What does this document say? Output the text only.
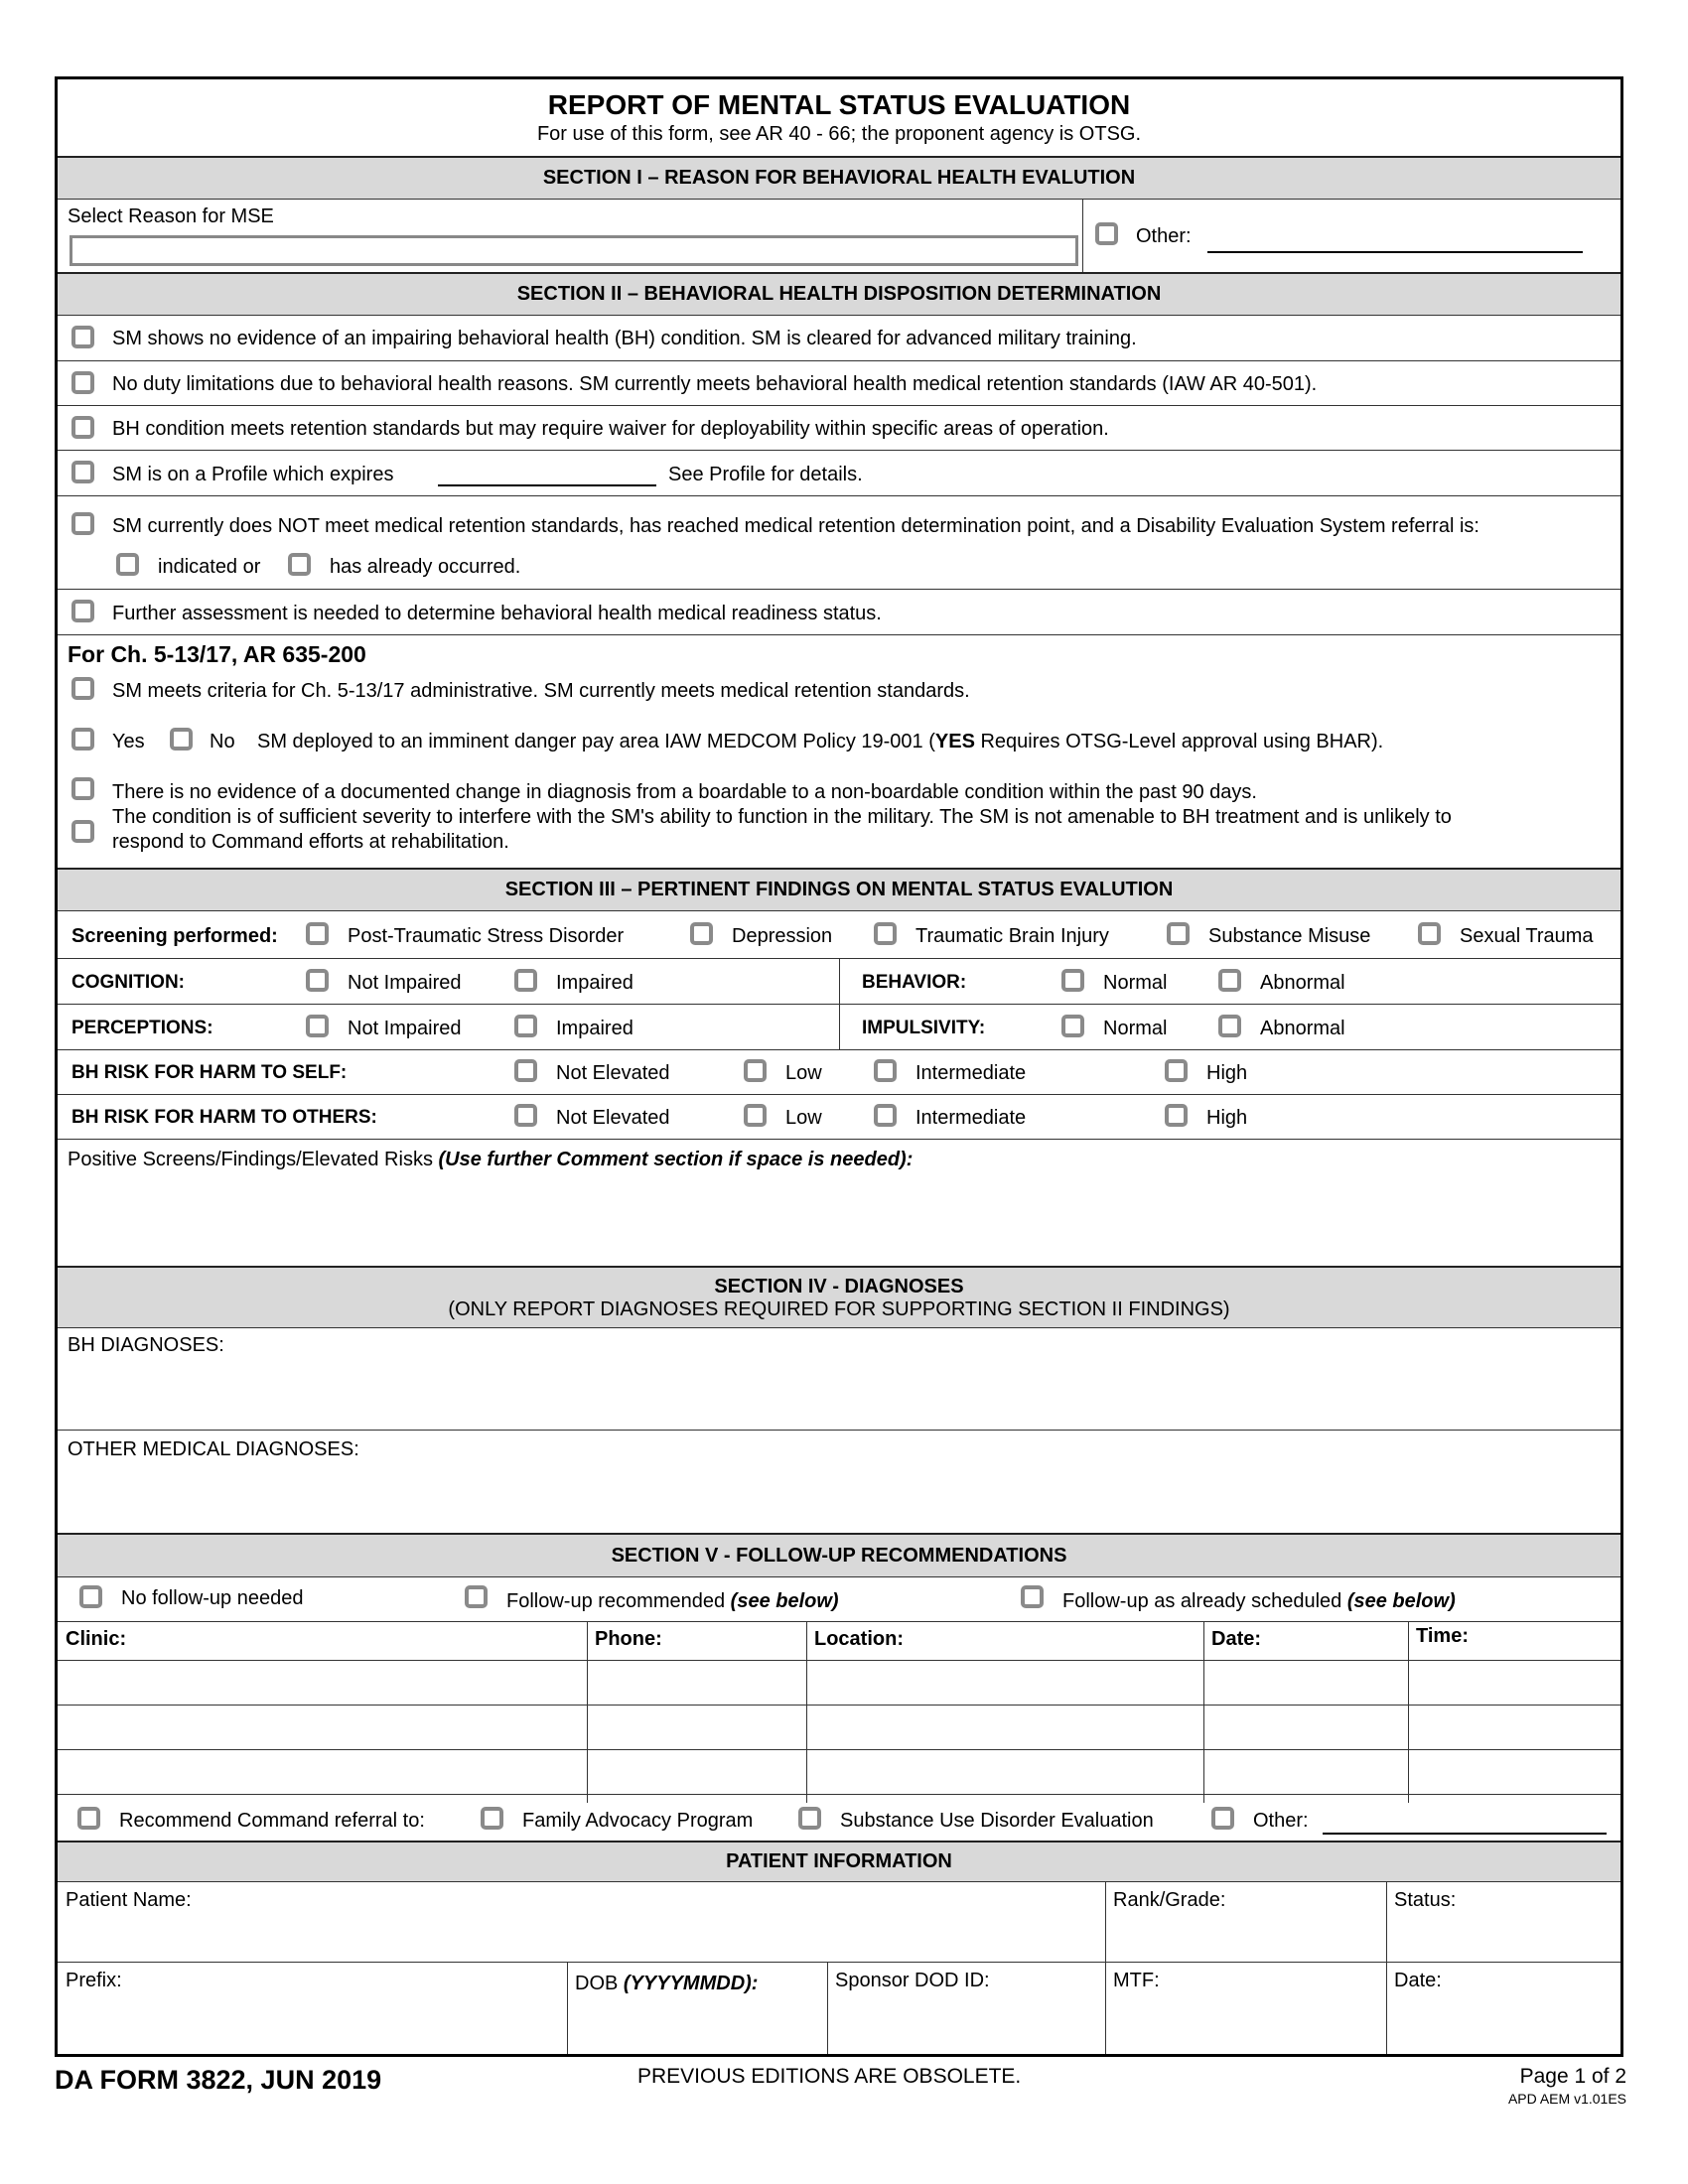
REPORT OF MENTAL STATUS EVALUATION
For use of this form, see AR 40 - 66; the proponent agency is OTSG.
SECTION I – REASON FOR BEHAVIORAL HEALTH EVALUTION
Select Reason for MSE
Other:
SECTION II – BEHAVIORAL HEALTH DISPOSITION DETERMINATION
SM shows no evidence of an impairing behavioral health (BH) condition. SM is cleared for advanced military training.
No duty limitations due to behavioral health reasons. SM currently meets behavioral health medical retention standards (IAW AR 40-501).
BH condition meets retention standards but may require waiver for deployability within specific areas of operation.
SM is on a Profile which expires	See Profile for details.
SM currently does NOT meet medical retention standards, has reached medical retention determination point, and a Disability Evaluation System referral is:
indicated or	has already occurred.
Further assessment is needed to determine behavioral health medical readiness status.
For Ch. 5-13/17, AR 635-200
SM meets criteria for Ch. 5-13/17 administrative. SM currently meets medical retention standards.
Yes	No SM deployed to an imminent danger pay area IAW MEDCOM Policy 19-001 (YES Requires OTSG-Level approval using BHAR).
There is no evidence of a documented change in diagnosis from a boardable to a non-boardable condition within the past 90 days.
The condition is of sufficient severity to interfere with the SM's ability to function in the military. The SM is not amenable to BH treatment and is unlikely to
respond to Command efforts at rehabilitation.
SECTION III – PERTINENT FINDINGS ON MENTAL STATUS EVALUTION
Screening performed:	Post-Traumatic Stress Disorder	Depression	Traumatic Brain Injury	Substance Misuse	Sexual Trauma
COGNITION:	Not Impaired	Impaired	BEHAVIOR:	Normal	Abnormal
PERCEPTIONS:	Not Impaired	Impaired	IMPULSIVITY:	Normal	Abnormal
BH RISK FOR HARM TO SELF:	Not Elevated	Low	Intermediate	High
BH RISK FOR HARM TO OTHERS:	Not Elevated	Low	Intermediate	High
Positive Screens/Findings/Elevated Risks (Use further Comment section if space is needed):
SECTION IV - DIAGNOSES
(ONLY REPORT DIAGNOSES REQUIRED FOR SUPPORTING SECTION II FINDINGS)
BH DIAGNOSES:
OTHER MEDICAL DIAGNOSES:
SECTION V - FOLLOW-UP RECOMMENDATIONS
No follow-up needed	Follow-up recommended (see below)	Follow-up as already scheduled (see below)
Clinic:	Phone:	Location:	Date:	Time:
Recommend Command referral to:	Family Advocacy Program	Substance Use Disorder Evaluation	Other:
PATIENT INFORMATION
Patient Name:	Rank/Grade:	Status:
Prefix:	DOB (YYYYMMDD):	Sponsor DOD ID:	MTF:	Date:
DA FORM 3822, JUN 2019	PREVIOUS EDITIONS ARE OBSOLETE.	Page 1 of 2
APD AEM v1.01ES
